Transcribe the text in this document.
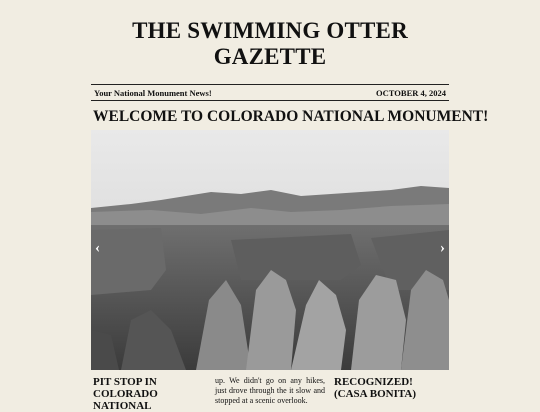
THE SWIMMING OTTER
GAZETTE
Your National Monument News!	OCTOBER 4, 2024
WELCOME TO COLORADO NATIONAL MONUMENT!
‹	›
PIT STOP IN COLORADO NATIONAL
up. We didn't go on any hikes, just drove through the it slow and stopped at a scenic overlook.
RECOGNIZED! (CASA BONITA)
